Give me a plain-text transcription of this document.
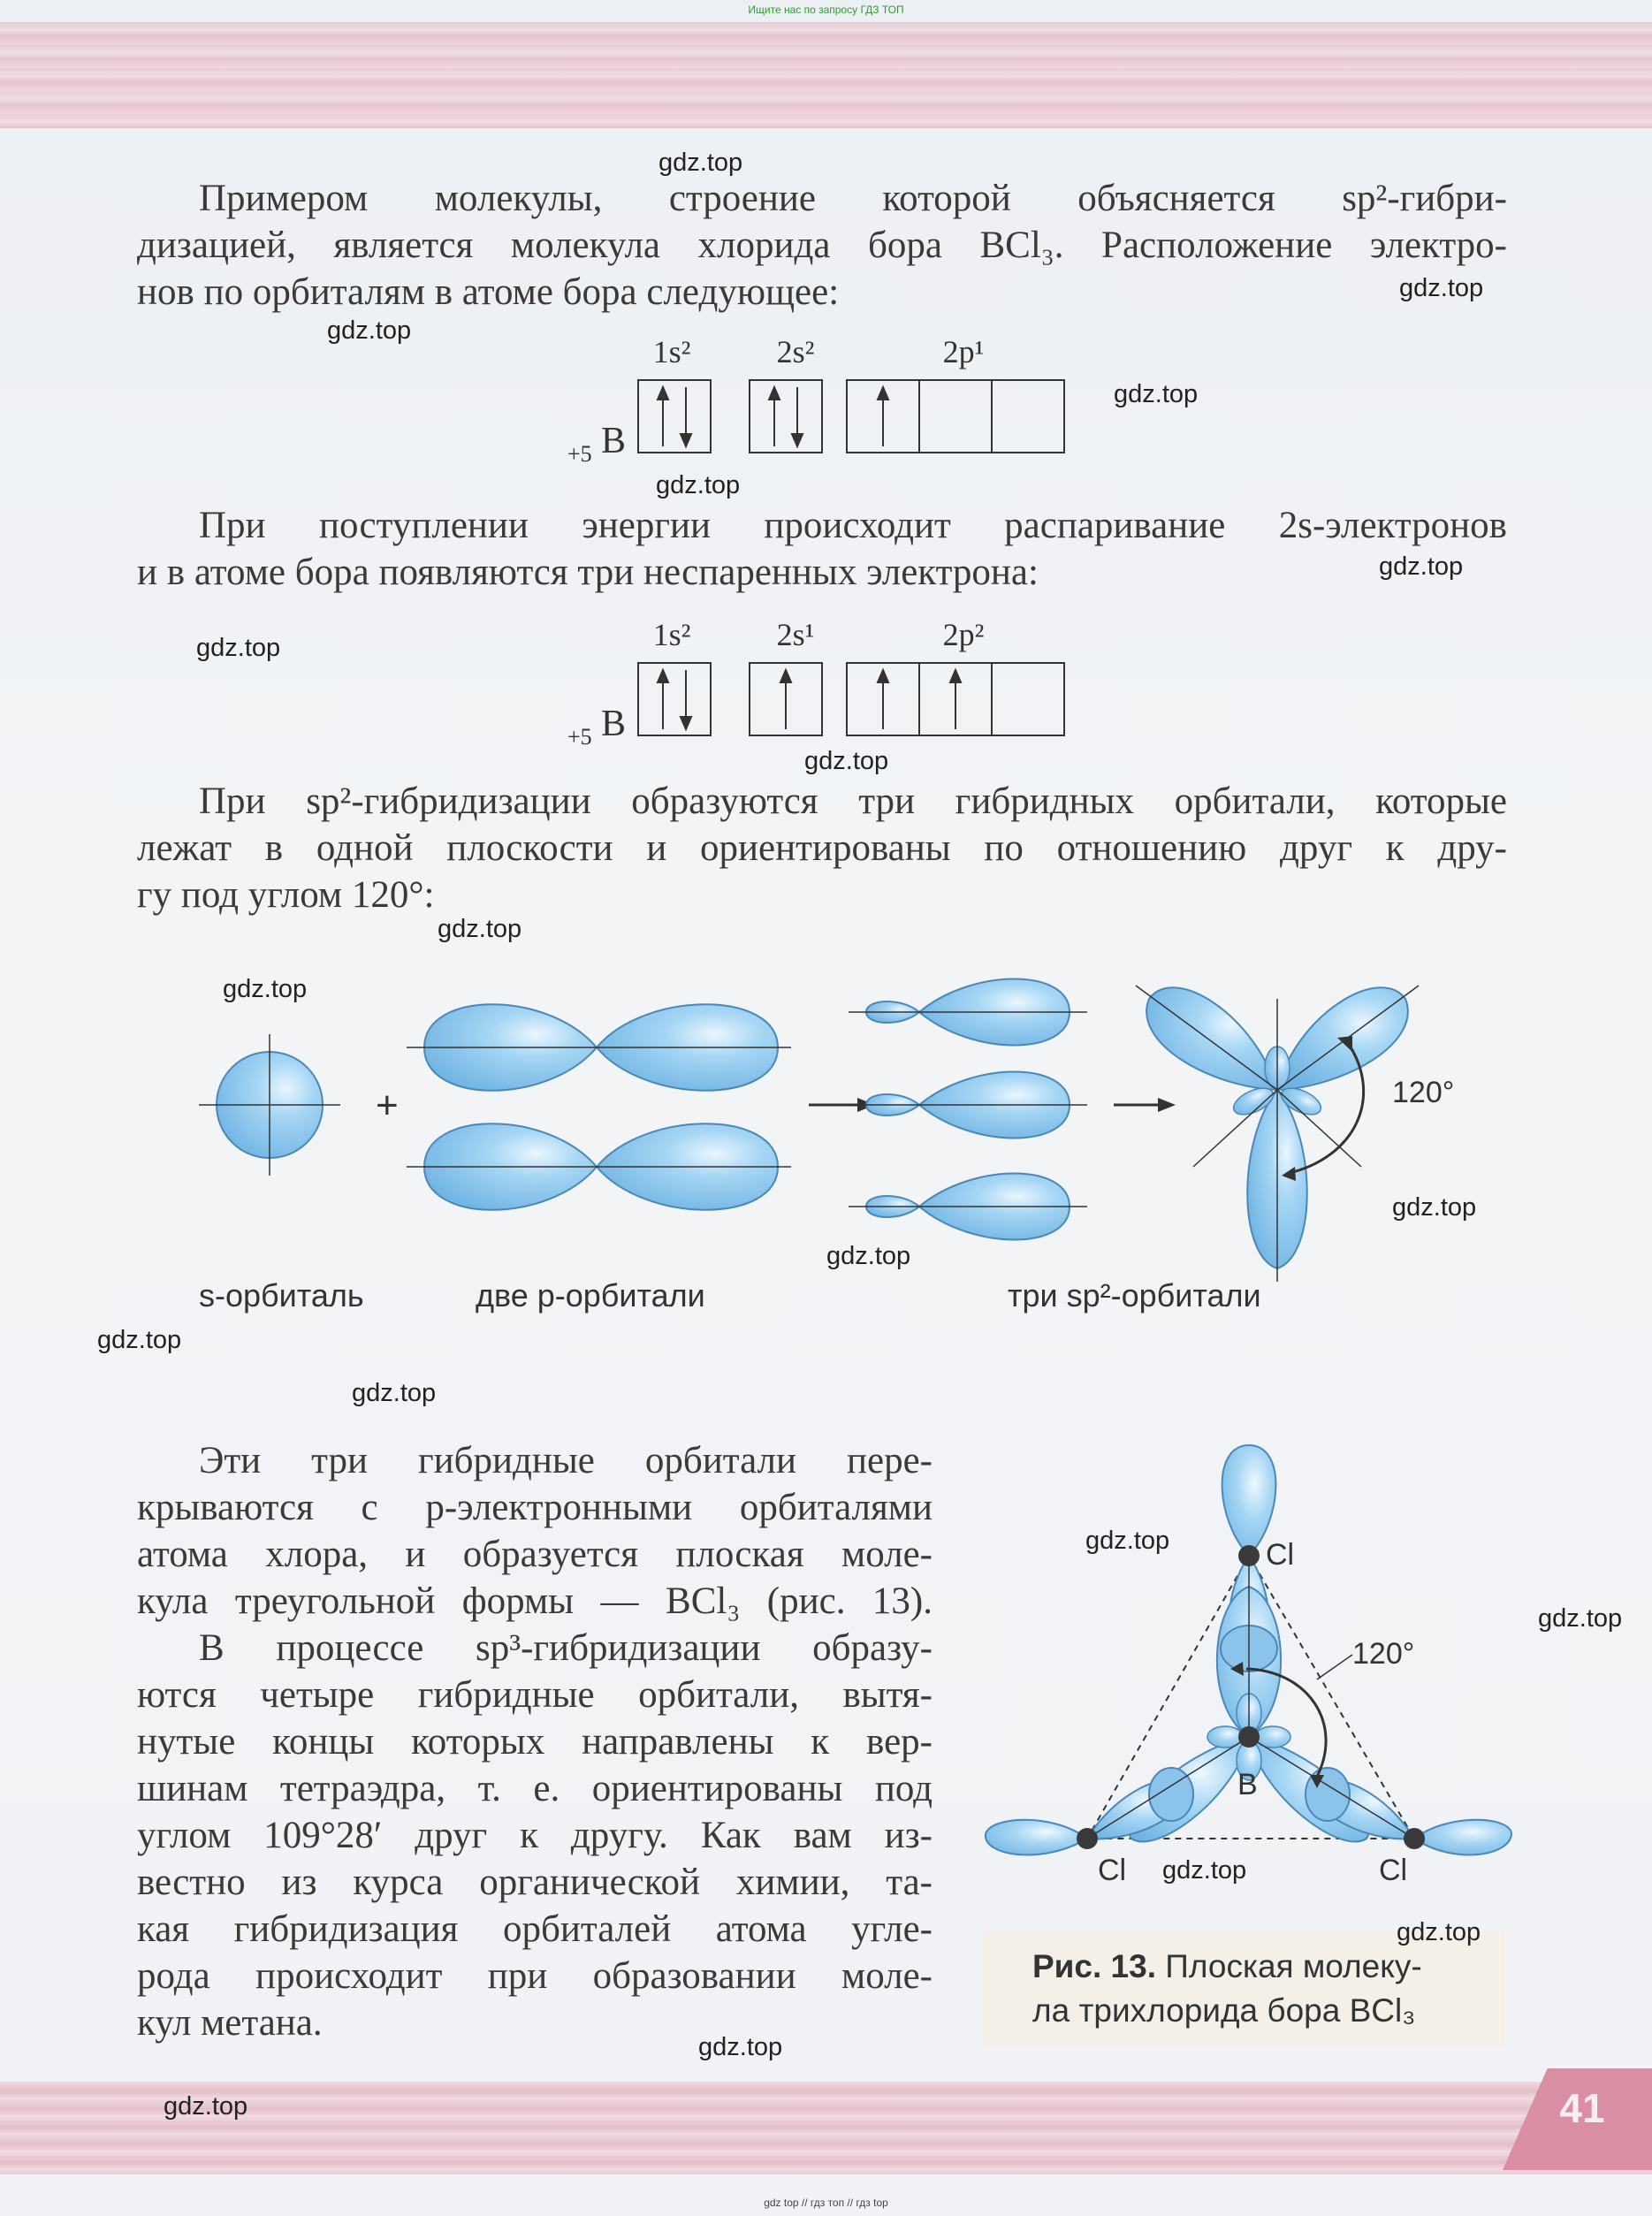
41
Ищите нас по запросу ГДЗ ТОП
gdz top // гдз топ // гдз top
Примером молекулы, строение которой объясняется sp²-гибри-
дизацией, является молекула хлорида бора BCl₃. Расположение электро-
нов по орбиталям в атоме бора следующее:
1s²	2s²	2p¹
+5 B
При поступлении энергии происходит распаривание 2s-электронов
и в атоме бора появляются три неспаренных электрона:
1s²	2s¹	2p²
+5 B
При sp²-гибридизации образуются три гибридных орбитали, которые
лежат в одной плоскости и ориентированы по отношению друг к дру-
гу под углом 120°:
+	120°
s-орбиталь	две p-орбитали	три sp²-орбитали
Эти три гибридные орбитали пере-
крываются с p-электронными орбиталями
атома хлора, и образуется плоская моле-
кула треугольной формы — BCl₃ (рис. 13).
В процессе sp³-гибридизации образу-
ются четыре гибридные орбитали, вытя-
нутые концы которых направлены к вер-
шинам тетраэдра, т. е. ориентированы под
углом 109°28′ друг к другу. Как вам из-
вестно из курса органической химии, та-
кая гибридизация орбиталей атома угле-
рода происходит при образовании моле-
кул метана.
120°
Cl
B
Cl	Cl
Рис. 13. Плоская молеку-
ла трихлорида бора BCl₃
gdz.top
gdz.top
gdz.top
gdz.top
gdz.top
gdz.top
gdz.top
gdz.top
gdz.top
gdz.top
gdz.top
gdz.top
gdz.top
gdz.top
gdz.top
gdz.top
gdz.top
gdz.top
gdz.top
gdz.top
